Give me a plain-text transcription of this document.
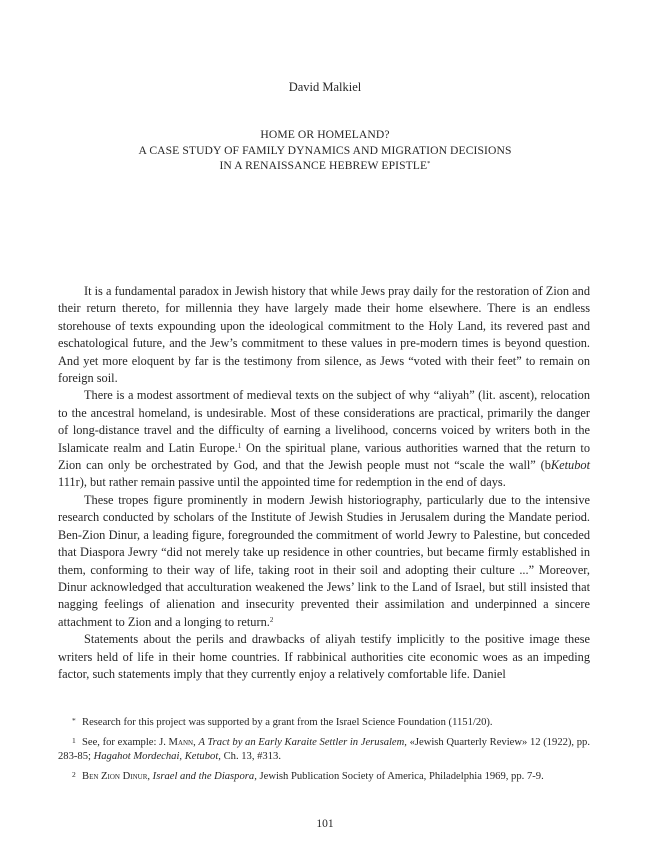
David Malkiel
HOME OR HOMELAND?
A CASE STUDY OF FAMILY DYNAMICS AND MIGRATION DECISIONS
IN A RENAISSANCE HEBREW EPISTLE*

It is a fundamental paradox in Jewish history that while Jews pray daily for the restoration of Zion and their return thereto, for millennia they have largely made their home elsewhere. There is an endless storehouse of texts expounding upon the ideological commitment to the Holy Land, its revered past and eschatological future, and the Jew’s commitment to these values in pre-modern times is beyond question. And yet more eloquent by far is the testimony from silence, as Jews “voted with their feet” to remain on foreign soil.

There is a modest assortment of medieval texts on the subject of why “aliyah” (lit. ascent), relocation to the ancestral homeland, is undesirable. Most of these considerations are practical, primarily the danger of long-distance travel and the difficulty of earning a livelihood, concerns voiced by writers both in the Islamicate realm and Latin Europe.$^1$ On the spiritual plane, various authorities warned that the return to Zion can only be orchestrated by God, and that the Jewish people must not “scale the wall” (bKetubot 111r), but rather remain passive until the appointed time for redemption in the end of days.

These tropes figure prominently in modern Jewish historiography, particularly due to the intensive research conducted by scholars of the Institute of Jewish Studies in Jerusalem during the Mandate period. Ben-Zion Dinur, a leading figure, foregrounded the commitment of world Jewry to Palestine, but conceded that Diaspora Jewry “did not merely take up residence in other countries, but became firmly established in them, conforming to their way of life, taking root in their soil and adopting their culture ...” Moreover, Dinur acknowledged that acculturation weakened the Jews’ link to the Land of Israel, but still insisted that nagging feelings of alienation and insecurity prevented their assimilation and underpinned a sincere attachment to Zion and a longing to return.$^2$

Statements about the perils and drawbacks of aliyah testify implicitly to the positive image these writers held of life in their home countries. If rabbinical authorities cite economic woes as an impeding factor, such statements imply that they currently enjoy a relatively comfortable life. Daniel

* Research for this project was supported by a grant from the Israel Science Foundation (1151/20).
1 See, for example: J. Mann, A Tract by an Early Karaite Settler in Jerusalem, «Jewish Quarterly Review» 12 (1922), pp. 283-85; Hagahot Mordechai, Ketubot, Ch. 13, #313.
2 Ben Zion Dinur, Israel and the Diaspora, Jewish Publication Society of America, Philadelphia 1969, pp. 7-9.
101
